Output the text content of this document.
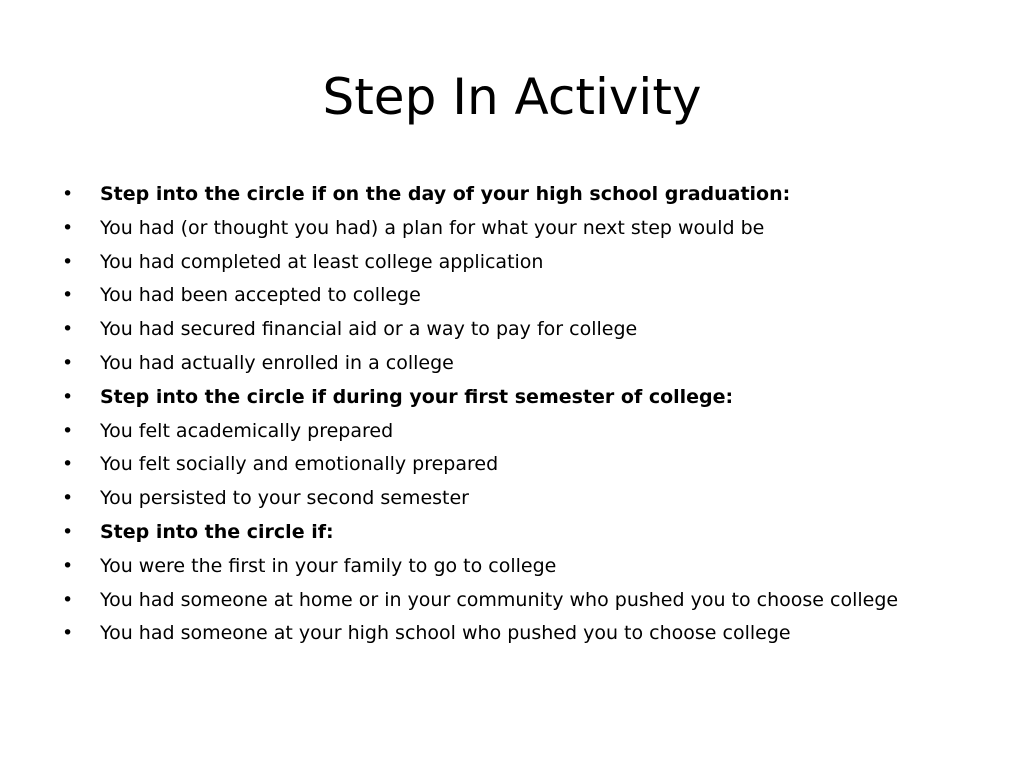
Step In Activity
• Step into the circle if on the day of your high school graduation:
• You had (or thought you had) a plan for what your next step would be
• You had completed at least college application
• You had been accepted to college
• You had secured financial aid or a way to pay for college
• You had actually enrolled in a college
• Step into the circle if during your first semester of college:
• You felt academically prepared
• You felt socially and emotionally prepared
• You persisted to your second semester
• Step into the circle if:
• You were the first in your family to go to college
• You had someone at home or in your community who pushed you to choose college
• You had someone at your high school who pushed you to choose college
